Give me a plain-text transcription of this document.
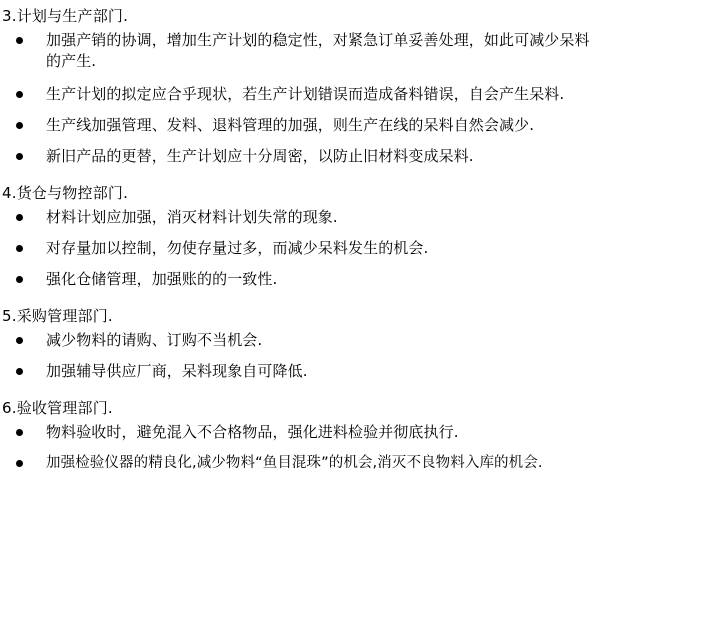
3.计划与生产部门.
加强产销的协调，增加生产计划的稳定性，对紧急订单妥善处理，如此可减少呆料
的产生.
生产计划的拟定应合乎现状，若生产计划错误而造成备料错误，自会产生呆料.
生产线加强管理、发料、退料管理的加强，则生产在线的呆料自然会减少.
新旧产品的更替，生产计划应十分周密，以防止旧材料变成呆料.
4.货仓与物控部门.
材料计划应加强，消灭材料计划失常的现象.
对存量加以控制，勿使存量过多，而减少呆料发生的机会.
强化仓储管理，加强账的的一致性.
5.采购管理部门.
减少物料的请购、订购不当机会.
加强辅导供应厂商，呆料现象自可降低.
6.验收管理部门.
物料验收时，避免混入不合格物品，强化进料检验并彻底执行.
加强检验仪器的精良化,减少物料“鱼目混珠”的机会,消灭不良物料入库的机会.
